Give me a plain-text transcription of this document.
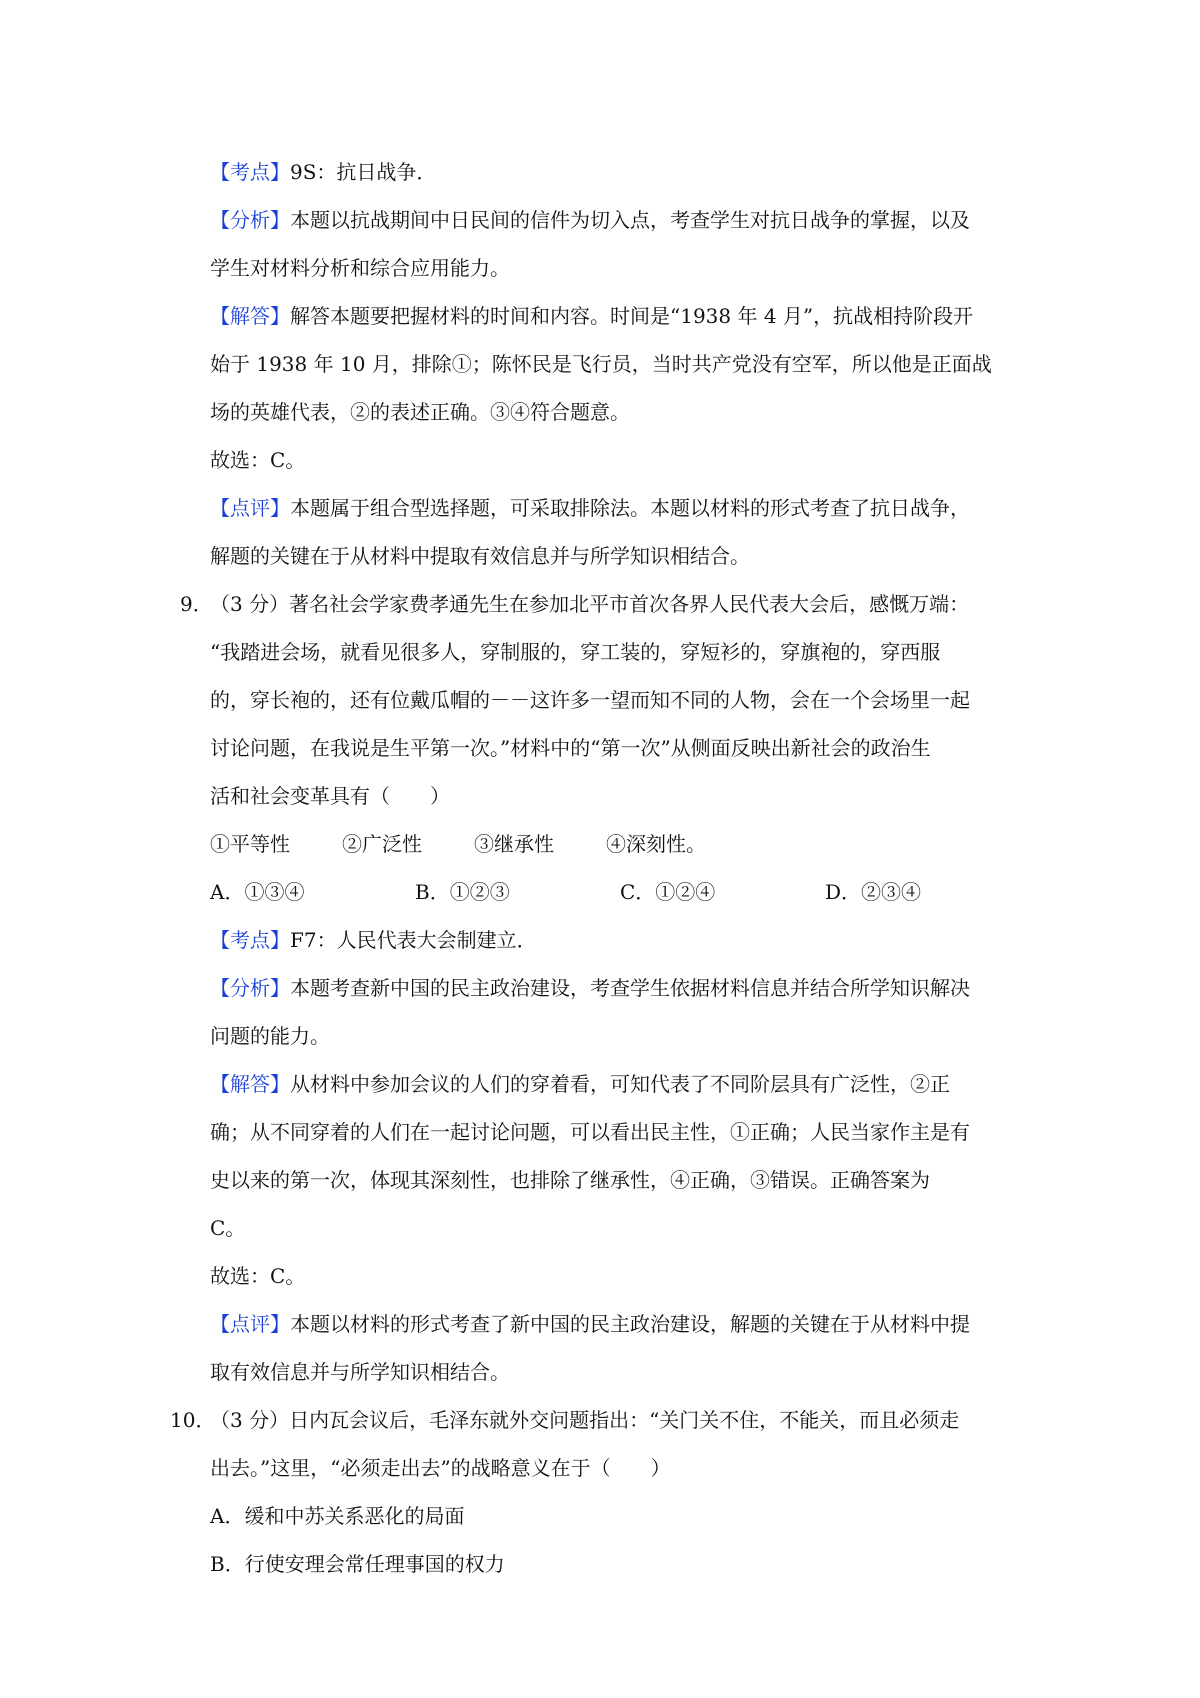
【考点】9S：抗日战争．

【分析】本题以抗战期间中日民间的信件为切入点，考查学生对抗日战争的掌握，以及

学生对材料分析和综合应用能力。

【解答】解答本题要把握材料的时间和内容。时间是“1938 年 4 月”，抗战相持阶段开

始于 1938 年 10 月，排除①；陈怀民是飞行员，当时共产党没有空军，所以他是正面战

场的英雄代表，②的表述正确。③④符合题意。

故选：C。

【点评】本题属于组合型选择题，可采取排除法。本题以材料的形式考查了抗日战争，

解题的关键在于从材料中提取有效信息并与所学知识相结合。

9．
（3 分）著名社会学家费孝通先生在参加北平市首次各界人民代表大会后，感慨万端：

“我踏进会场，就看见很多人，穿制服的，穿工装的，穿短衫的，穿旗袍的，穿西服

的，穿长袍的，还有位戴瓜帽的－－这许多一望而知不同的人物，会在一个会场里一起

讨论问题，在我说是生平第一次。”材料中的“第一次”从侧面反映出新社会的政治生

活和社会变革具有（　　）

①平等性	②广泛性	③继承性	④深刻性。

A．①③④	B．①②③	C．①②④	D．②③④

【考点】F7：人民代表大会制建立．

【分析】本题考查新中国的民主政治建设，考查学生依据材料信息并结合所学知识解决

问题的能力。

【解答】从材料中参加会议的人们的穿着看，可知代表了不同阶层具有广泛性，②正

确；从不同穿着的人们在一起讨论问题，可以看出民主性，①正确；人民当家作主是有

史以来的第一次，体现其深刻性，也排除了继承性，④正确，③错误。正确答案为

C。

故选：C。

【点评】本题以材料的形式考查了新中国的民主政治建设，解题的关键在于从材料中提

取有效信息并与所学知识相结合。

10．
（3 分）日内瓦会议后，毛泽东就外交问题指出：“关门关不住，不能关，而且必须走

出去。”这里，“必须走出去”的战略意义在于（　　）

A．缓和中苏关系恶化的局面

B．行使安理会常任理事国的权力
